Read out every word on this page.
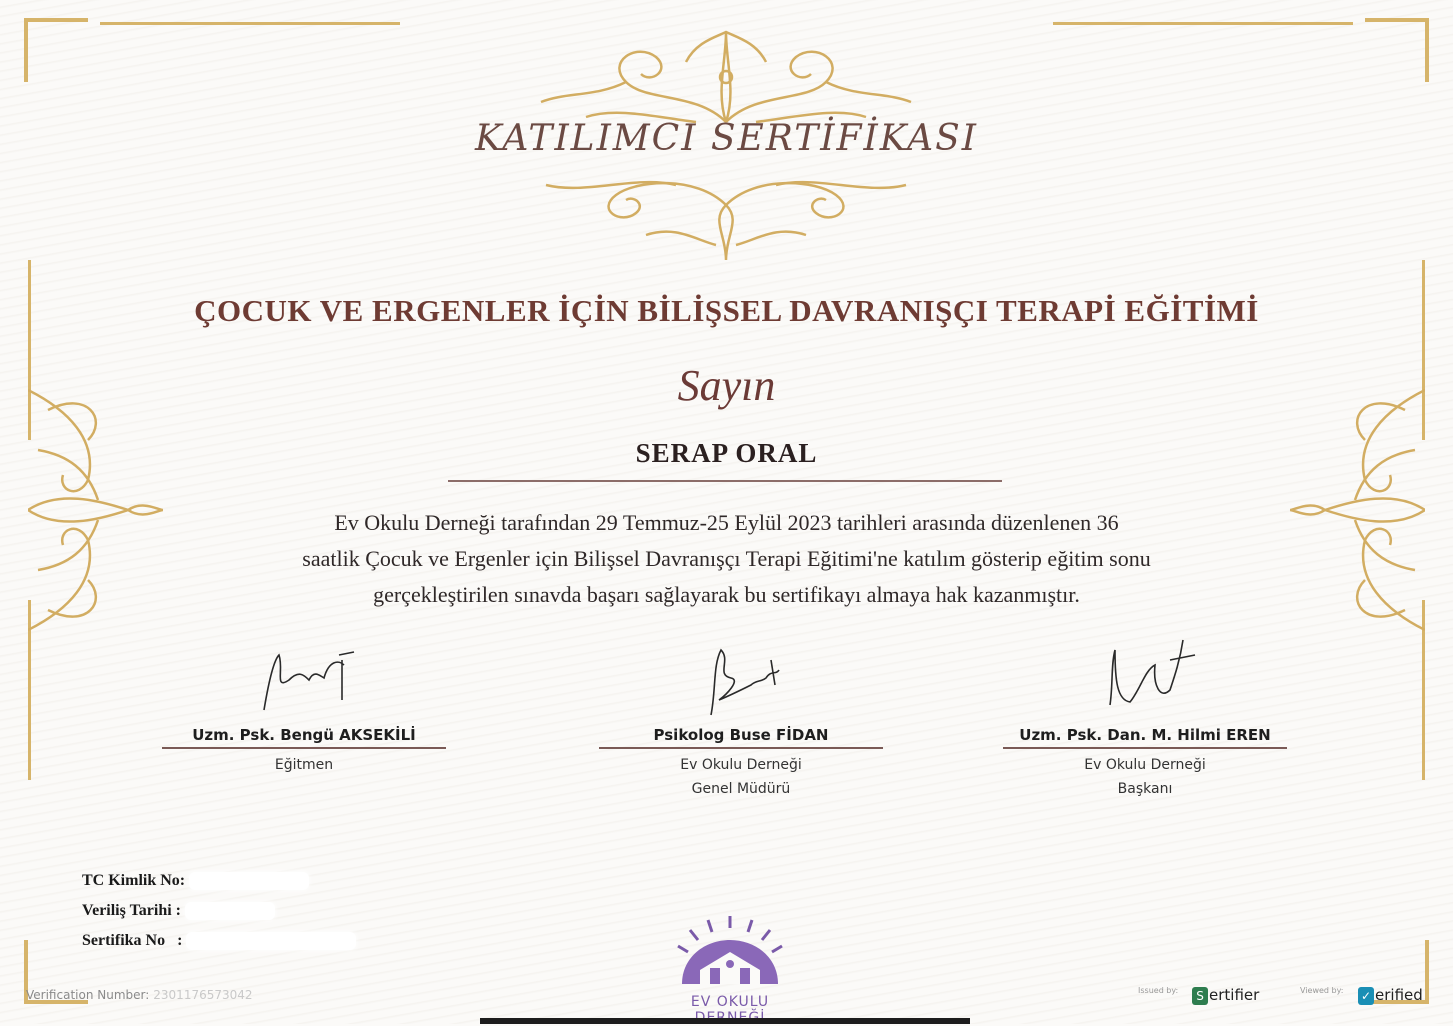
KATILIMCI SERTİFİKASI
ÇOCUK VE ERGENLER İÇİN BİLİŞSEL DAVRANIŞÇI TERAPİ EĞİTİMİ
Sayın
SERAP ORAL
Ev Okulu Derneği tarafından 29 Temmuz-25 Eylül 2023 tarihleri arasında düzenlenen 36
saatlik Çocuk ve Ergenler için Bilişsel Davranışçı Terapi Eğitimi'ne katılım gösterip eğitim sonu
gerçekleştirilen sınavda başarı sağlayarak bu sertifikayı almaya hak kazanmıştır.
Uzm. Psk. Bengü AKSEKİLİ
Eğitmen
Psikolog Buse FİDAN
Ev Okulu Derneği
Genel Müdürü
Uzm. Psk. Dan. M. Hilmi EREN
Ev Okulu Derneği
Başkanı
TC Kimlik No:
Veriliş Tarihi :
Sertifika No   :
EV OKULU
Verification Number: 2301176573042	Issued by:	S ertifier	Viewed by: ✓ erified
